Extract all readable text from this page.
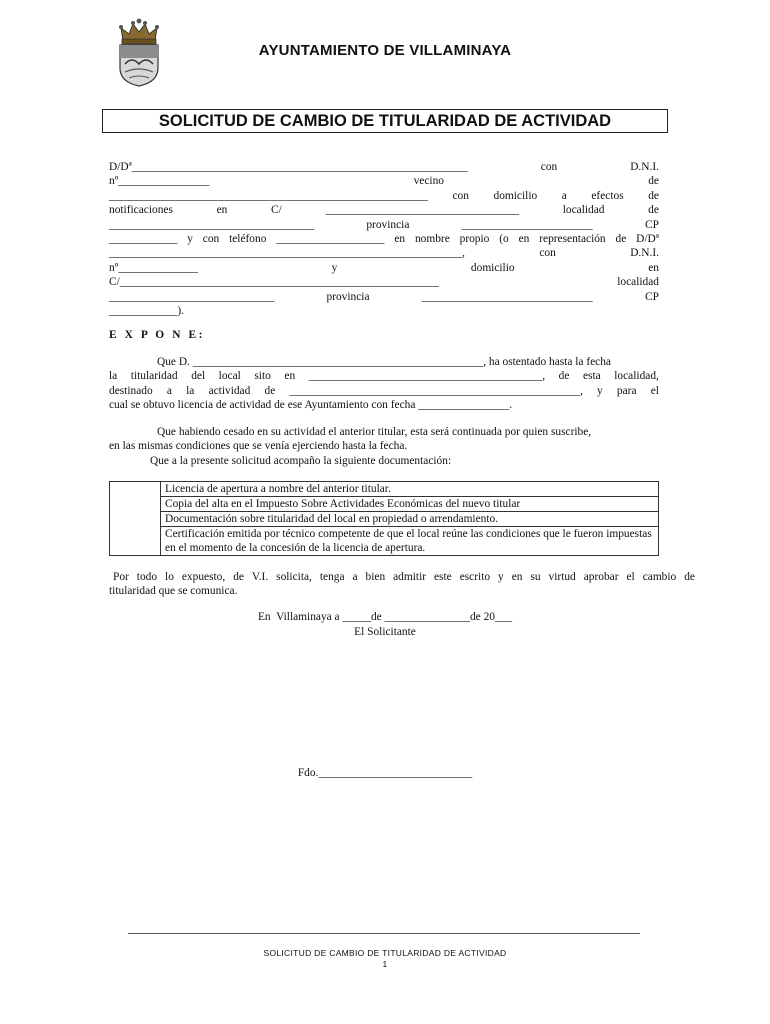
AYUNTAMIENTO DE VILLAMINAYA
SOLICITUD DE CAMBIO DE TITULARIDAD DE ACTIVIDAD
D/Dª___________________________________________________________	con	D.N.I.
nº________________	vecino	de
________________________________________________________ con domicilio a efectos de
notificaciones	en	C/	__________________________________	localidad	de
____________________________________	provincia	_______________________	CP
____________ y con teléfono ___________________ en nombre propio (o en representación de D/Dª
______________________________________________________________,	con	D.N.I.
nº______________	y	domicilio	en
C/________________________________________________________	localidad
_____________________________	provincia	______________________________	CP
____________).
E X P O N E:
Que D. ___________________________________________________, ha ostentado hasta la fecha
la titularidad del local sito en _________________________________________, de esta localidad,
destinado a la actividad de ___________________________________________________, y para el
cual se obtuvo licencia de actividad de ese Ayuntamiento con fecha ________________.
Que habiendo cesado en su actividad el anterior titular, esta será continuada por quien suscribe,
en las mismas condiciones que se venía ejerciendo hasta la fecha.
Que a la presente solicitud acompaño la siguiente documentación:
	Licencia de apertura a nombre del anterior titular.
Copia del alta en el Impuesto Sobre Actividades Económicas del nuevo titular
Documentación sobre titularidad del local en propiedad o arrendamiento.
Certificación emitida por técnico competente de que el local reúne las condiciones que le fueron impuestas en el momento de la concesión de la licencia de apertura.
Por todo lo expuesto, de V.I. solicita, tenga a bien admitir este escrito y en su virtud aprobar el cambio de
titularidad que se comunica.
En  Villaminaya a _____de _______________de 20___
El Solicitante
Fdo.___________________________
SOLICITUD DE CAMBIO DE TITULARIDAD DE ACTIVIDAD
1
